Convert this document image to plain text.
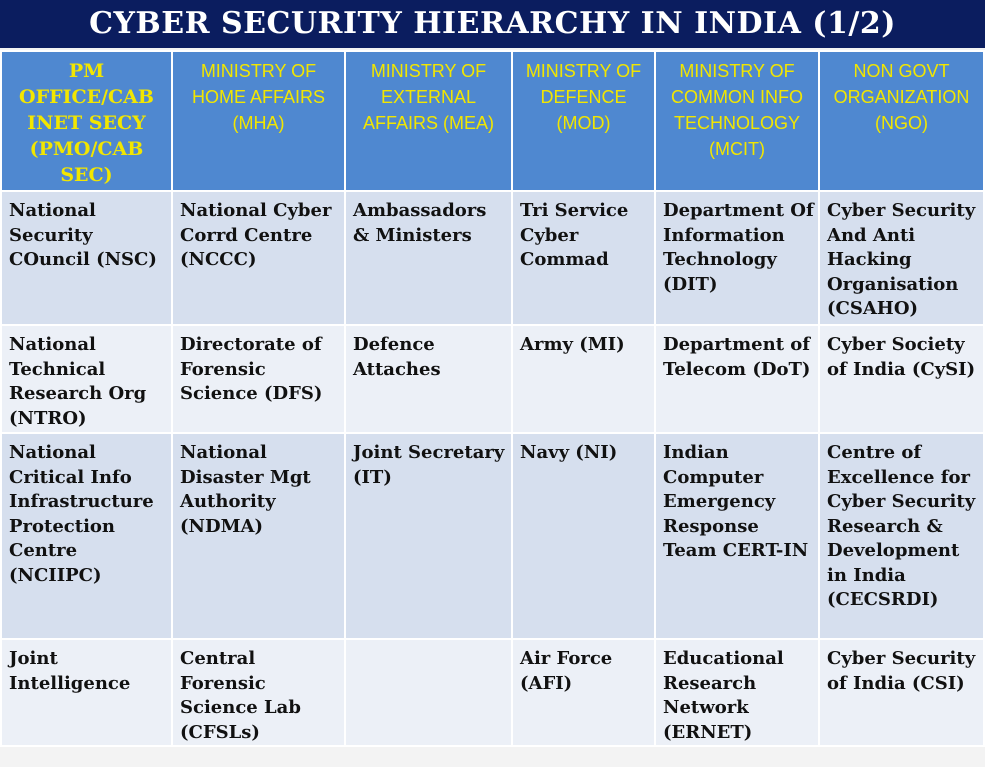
CYBER SECURITY HIERARCHY IN INDIA (1/2)
PM OFFICE/CAB INET SECY (PMO/CAB SEC)	MINISTRY OF HOME AFFAIRS (MHA)	MINISTRY OF EXTERNAL AFFAIRS (MEA)	MINISTRY OF DEFENCE (MOD)	MINISTRY OF COMMON INFO TECHNOLOGY (MCIT)	NON GOVT ORGANIZATION (NGO)
National Security COuncil (NSC)	National Cyber Corrd Centre (NCCC)	Ambassadors & Ministers	Tri Service Cyber Commad	Department Of Information Technology (DIT)	Cyber Security And Anti Hacking Organisation (CSAHO)
National Technical Research Org (NTRO)	Directorate of Forensic Science (DFS)	Defence Attaches	Army (MI)	Department of Telecom (DoT)	Cyber Society of India (CySI)
National Critical Info Infrastructure Protection Centre (NCIIPC)	National Disaster Mgt Authority (NDMA)	Joint Secretary (IT)	Navy (NI)	Indian Computer Emergency Response Team CERT-IN	Centre of Excellence for Cyber Security Research & Development in India (CECSRDI)
Joint Intelligence	Central Forensic Science Lab (CFSLs)		Air Force (AFI)	Educational Research Network (ERNET)	Cyber Security of India (CSI)
